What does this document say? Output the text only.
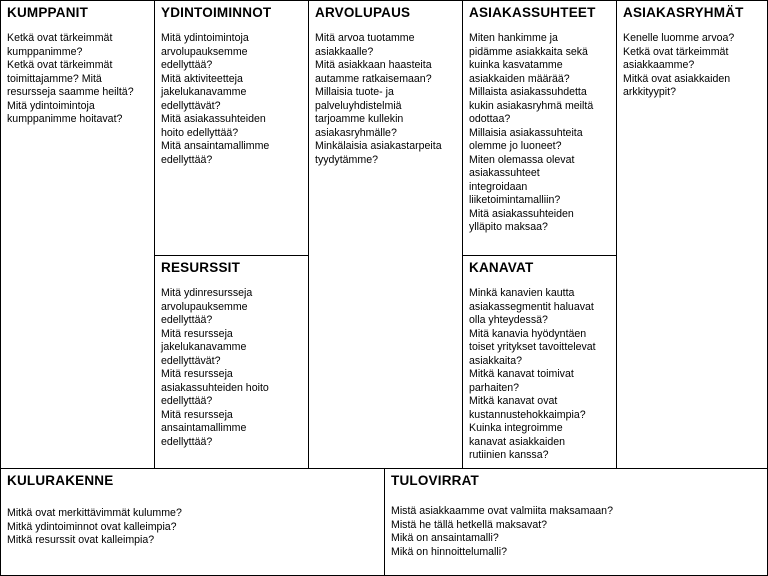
KUMPPANIT
Ketkä ovat tärkeimmät
kumppanimme?
Ketkä ovat tärkeimmät
toimittajamme? Mitä
resursseja saamme heiltä?
Mitä ydintoimintoja
kumppanimme hoitavat?
YDINTOIMINNOT
Mitä ydintoimintoja
arvolupauksemme
edellyttää?
Mitä aktiviteetteja
jakelukanavamme
edellyttävät?
Mitä asiakassuhteiden
hoito edellyttää?
Mitä ansaintamallimme
edellyttää?
RESURSSIT
Mitä ydinresursseja
arvolupauksemme
edellyttää?
Mitä resursseja
jakelukanavamme
edellyttävät?
Mitä resursseja
asiakassuhteiden hoito
edellyttää?
Mitä resursseja
ansaintamallimme
edellyttää?
ARVOLUPAUS
Mitä arvoa tuotamme
asiakkaalle?
Mitä asiakkaan haasteita
autamme ratkaisemaan?
Millaisia tuote- ja
palveluyhdistelmiä
tarjoamme kullekin
asiakasryhmälle?
Minkälaisia asiakastarpeita
tyydytämme?
ASIAKASSUHTEET
Miten hankimme ja
pidämme asiakkaita sekä
kuinka kasvatamme
asiakkaiden määrää?
Millaista asiakassuhdetta
kukin asiakasryhmä meiltä
odottaa?
Millaisia asiakassuhteita
olemme jo luoneet?
Miten olemassa olevat
asiakassuhteet
integroidaan
liiketoimintamalliin?
Mitä asiakassuhteiden
ylläpito maksaa?
KANAVAT
Minkä kanavien kautta
asiakassegmentit haluavat
olla yhteydessä?
Mitä kanavia hyödyntäen
toiset yritykset tavoittelevat
asiakkaita?
Mitkä kanavat toimivat
parhaiten?
Mitkä kanavat ovat
kustannustehokkaimpia?
Kuinka integroimme
kanavat asiakkaiden
rutiinien kanssa?
ASIAKASRYHMÄT
Kenelle luomme arvoa?
Ketkä ovat tärkeimmät
asiakkaamme?
Mitkä ovat asiakkaiden
arkkityypit?
KULURAKENNE
Mitkä ovat merkittävimmät kulumme?
Mitkä ydintoiminnot ovat kalleimpia?
Mitkä resurssit ovat kalleimpia?
TULOVIRRAT
Mistä asiakkaamme ovat valmiita maksamaan?
Mistä he tällä hetkellä maksavat?
Mikä on ansaintamalli?
Mikä on hinnoittelumalli?
